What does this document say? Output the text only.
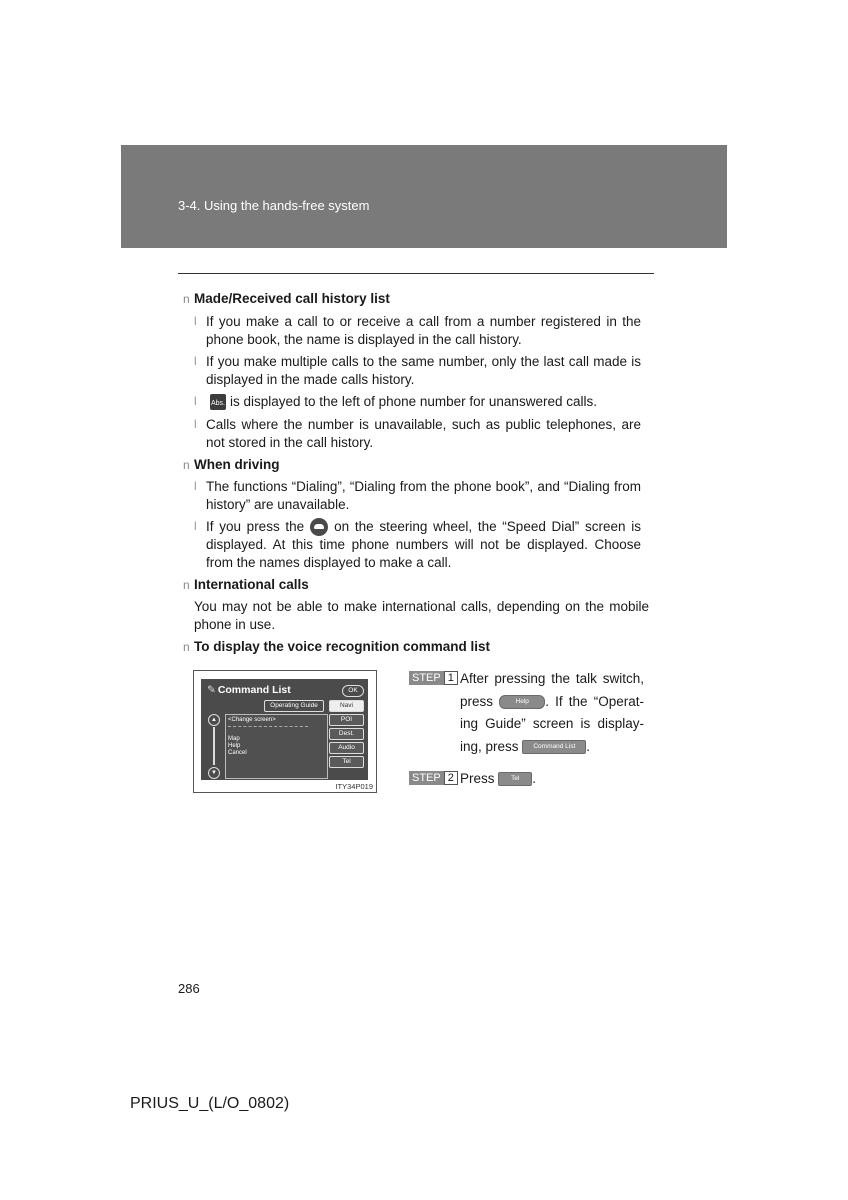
3-4. Using the hands-free system
n Made/Received call history list
l If you make a call to or receive a call from a number registered in the phone book, the name is displayed in the call history.
l If you make multiple calls to the same number, only the last call made is displayed in the made calls history.
l	Abs. is displayed to the left of phone number for unanswered calls.
l Calls where the number is unavailable, such as public telephones, are not stored in the call history.
n When driving
l The functions “Dialing”, “Dialing from the phone book”, and “Dialing from history” are unavailable.
l If you press the on the steering wheel, the “Speed Dial” screen is displayed. At this time phone numbers will not be displayed. Choose from the names displayed to make a call.
n International calls
You may not be able to make international calls, depending on the mobile phone in use.
n To display the voice recognition command list
✎ Command List	OK
Operating Guide	Navi
POI
Dest.
Audio
Tel
▲
▼
<Change screen>
Map
Help
Cancel
ITY34P019
STEP 1 After pressing the talk switch, press	Help . If the “Operat-ing Guide” screen is display-ing, press Command List .
STEP 2 Press	Tel .
286
PRIUS_U_(L/O_0802)
